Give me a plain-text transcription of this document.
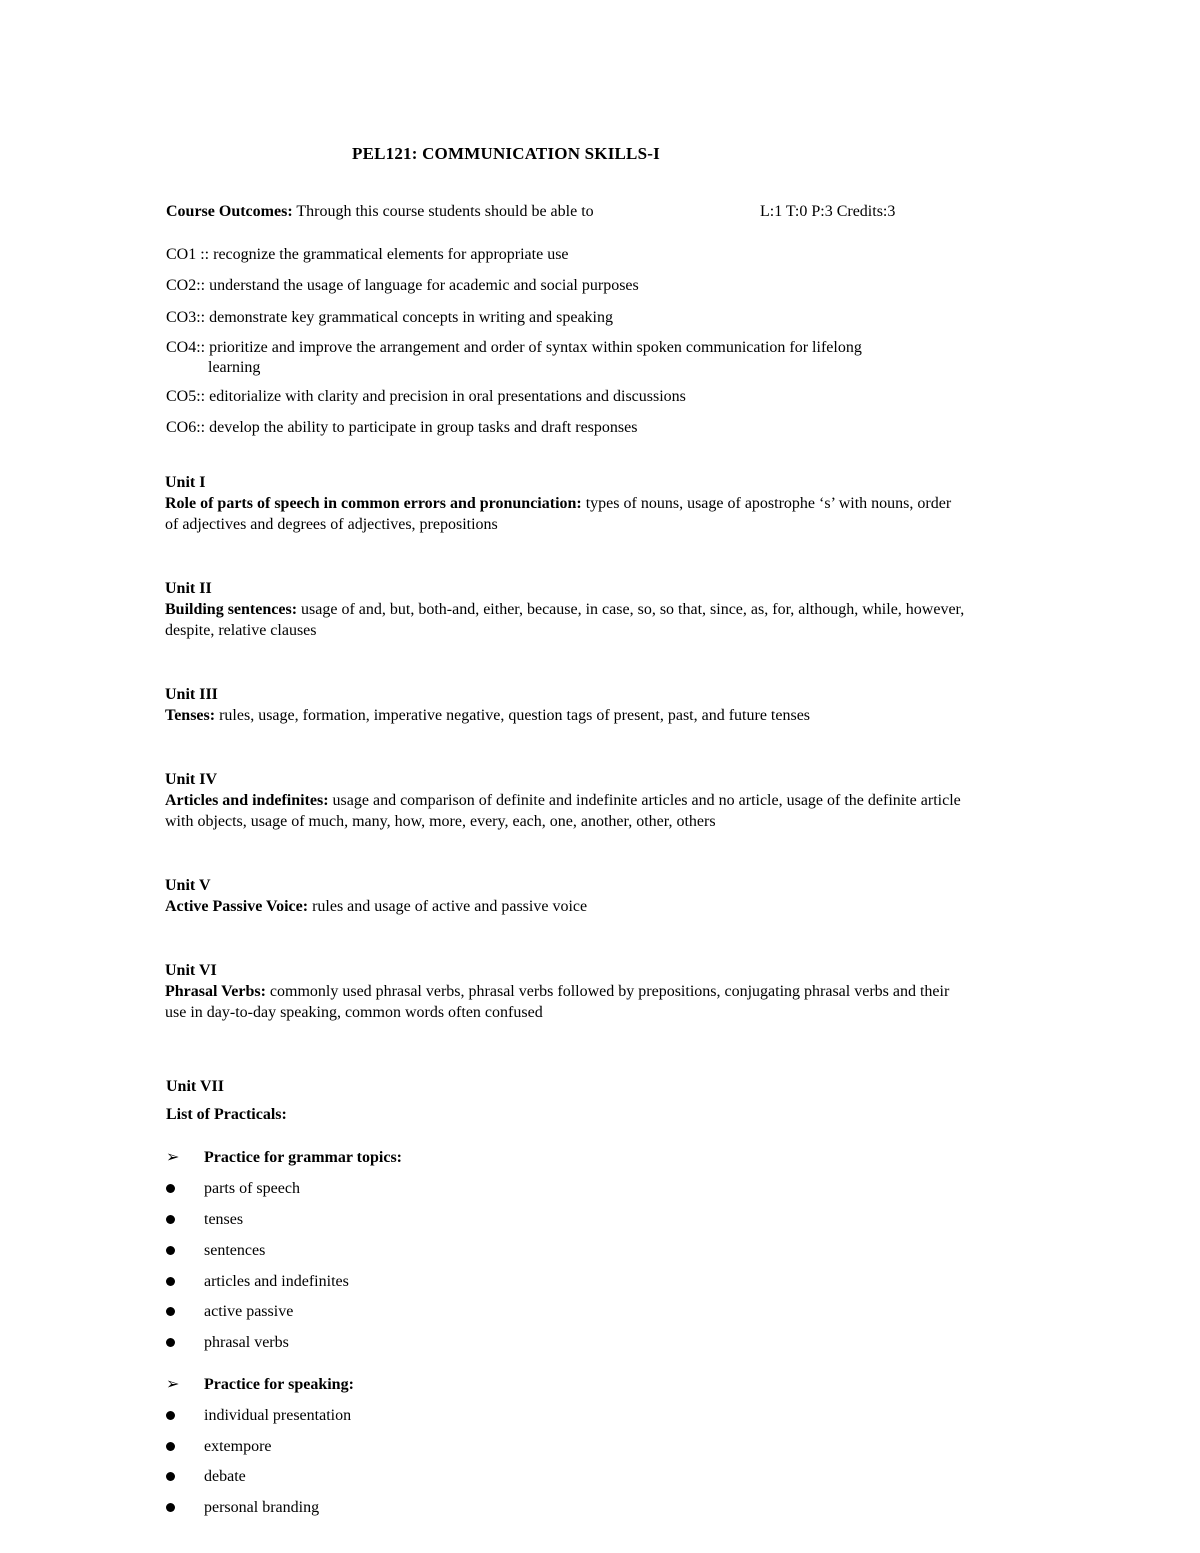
PEL121: COMMUNICATION SKILLS-I
Course Outcomes: Through this course students should be able to	L:1 T:0 P:3 Credits:3
CO1 :: recognize the grammatical elements for appropriate use
CO2:: understand the usage of language for academic and social purposes
CO3:: demonstrate key grammatical concepts in writing and speaking
CO4:: prioritize and improve the arrangement and order of syntax within spoken communication for lifelong
learning
CO5:: editorialize with clarity and precision in oral presentations and discussions
CO6:: develop the ability to participate in group tasks and draft responses
Unit I
Role of parts of speech in common errors and pronunciation: types of nouns, usage of apostrophe ‘s’ with nouns, order of adjectives and degrees of adjectives, prepositions
Unit II
Building sentences: usage of and, but, both-and, either, because, in case, so, so that, since, as, for, although, while, however, despite, relative clauses
Unit III
Tenses: rules, usage, formation, imperative negative, question tags of present, past, and future tenses
Unit IV
Articles and indefinites: usage and comparison of definite and indefinite articles and no article, usage of the definite article with objects, usage of much, many, how, more, every, each, one, another, other, others
Unit V
Active Passive Voice: rules and usage of active and passive voice
Unit VI
Phrasal Verbs: commonly used phrasal verbs, phrasal verbs followed by prepositions, conjugating phrasal verbs and their use in day-to-day speaking, common words often confused
Unit VII
List of Practicals:
➢	Practice for grammar topics:
parts of speech
tenses
sentences
articles and indefinites
active passive
phrasal verbs
➢	Practice for speaking:
individual presentation
extempore
debate
personal branding
